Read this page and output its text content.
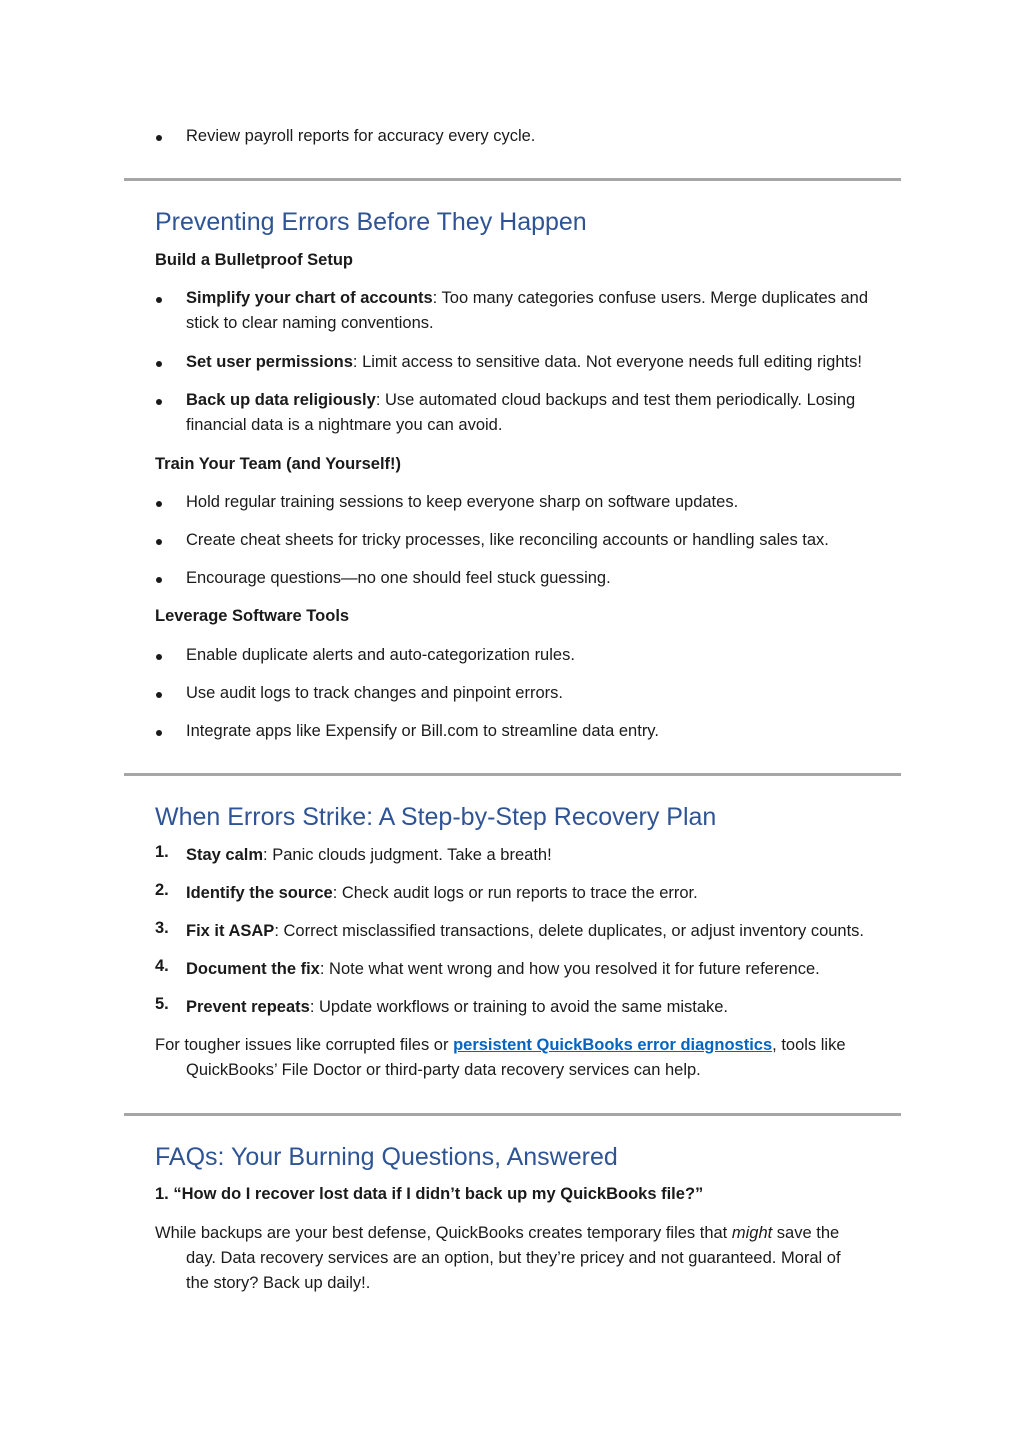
Review payroll reports for accuracy every cycle.
Preventing Errors Before They Happen
Build a Bulletproof Setup
Simplify your chart of accounts: Too many categories confuse users. Merge duplicates and
stick to clear naming conventions.
Set user permissions: Limit access to sensitive data. Not everyone needs full editing rights!
Back up data religiously: Use automated cloud backups and test them periodically. Losing
financial data is a nightmare you can avoid.
Train Your Team (and Yourself!)
Hold regular training sessions to keep everyone sharp on software updates.
Create cheat sheets for tricky processes, like reconciling accounts or handling sales tax.
Encourage questions—no one should feel stuck guessing.
Leverage Software Tools
Enable duplicate alerts and auto-categorization rules.
Use audit logs to track changes and pinpoint errors.
Integrate apps like Expensify or Bill.com to streamline data entry.
When Errors Strike: A Step-by-Step Recovery Plan
1. Stay calm: Panic clouds judgment. Take a breath!
2. Identify the source: Check audit logs or run reports to trace the error.
3. Fix it ASAP: Correct misclassified transactions, delete duplicates, or adjust inventory counts.
4. Document the fix: Note what went wrong and how you resolved it for future reference.
5. Prevent repeats: Update workflows or training to avoid the same mistake.
For tougher issues like corrupted files or persistent QuickBooks error diagnostics, tools like
QuickBooks’ File Doctor or third-party data recovery services can help.
FAQs: Your Burning Questions, Answered
1. “How do I recover lost data if I didn’t back up my QuickBooks file?”
While backups are your best defense, QuickBooks creates temporary files that might save the
day. Data recovery services are an option, but they’re pricey and not guaranteed. Moral of
the story? Back up daily!.
